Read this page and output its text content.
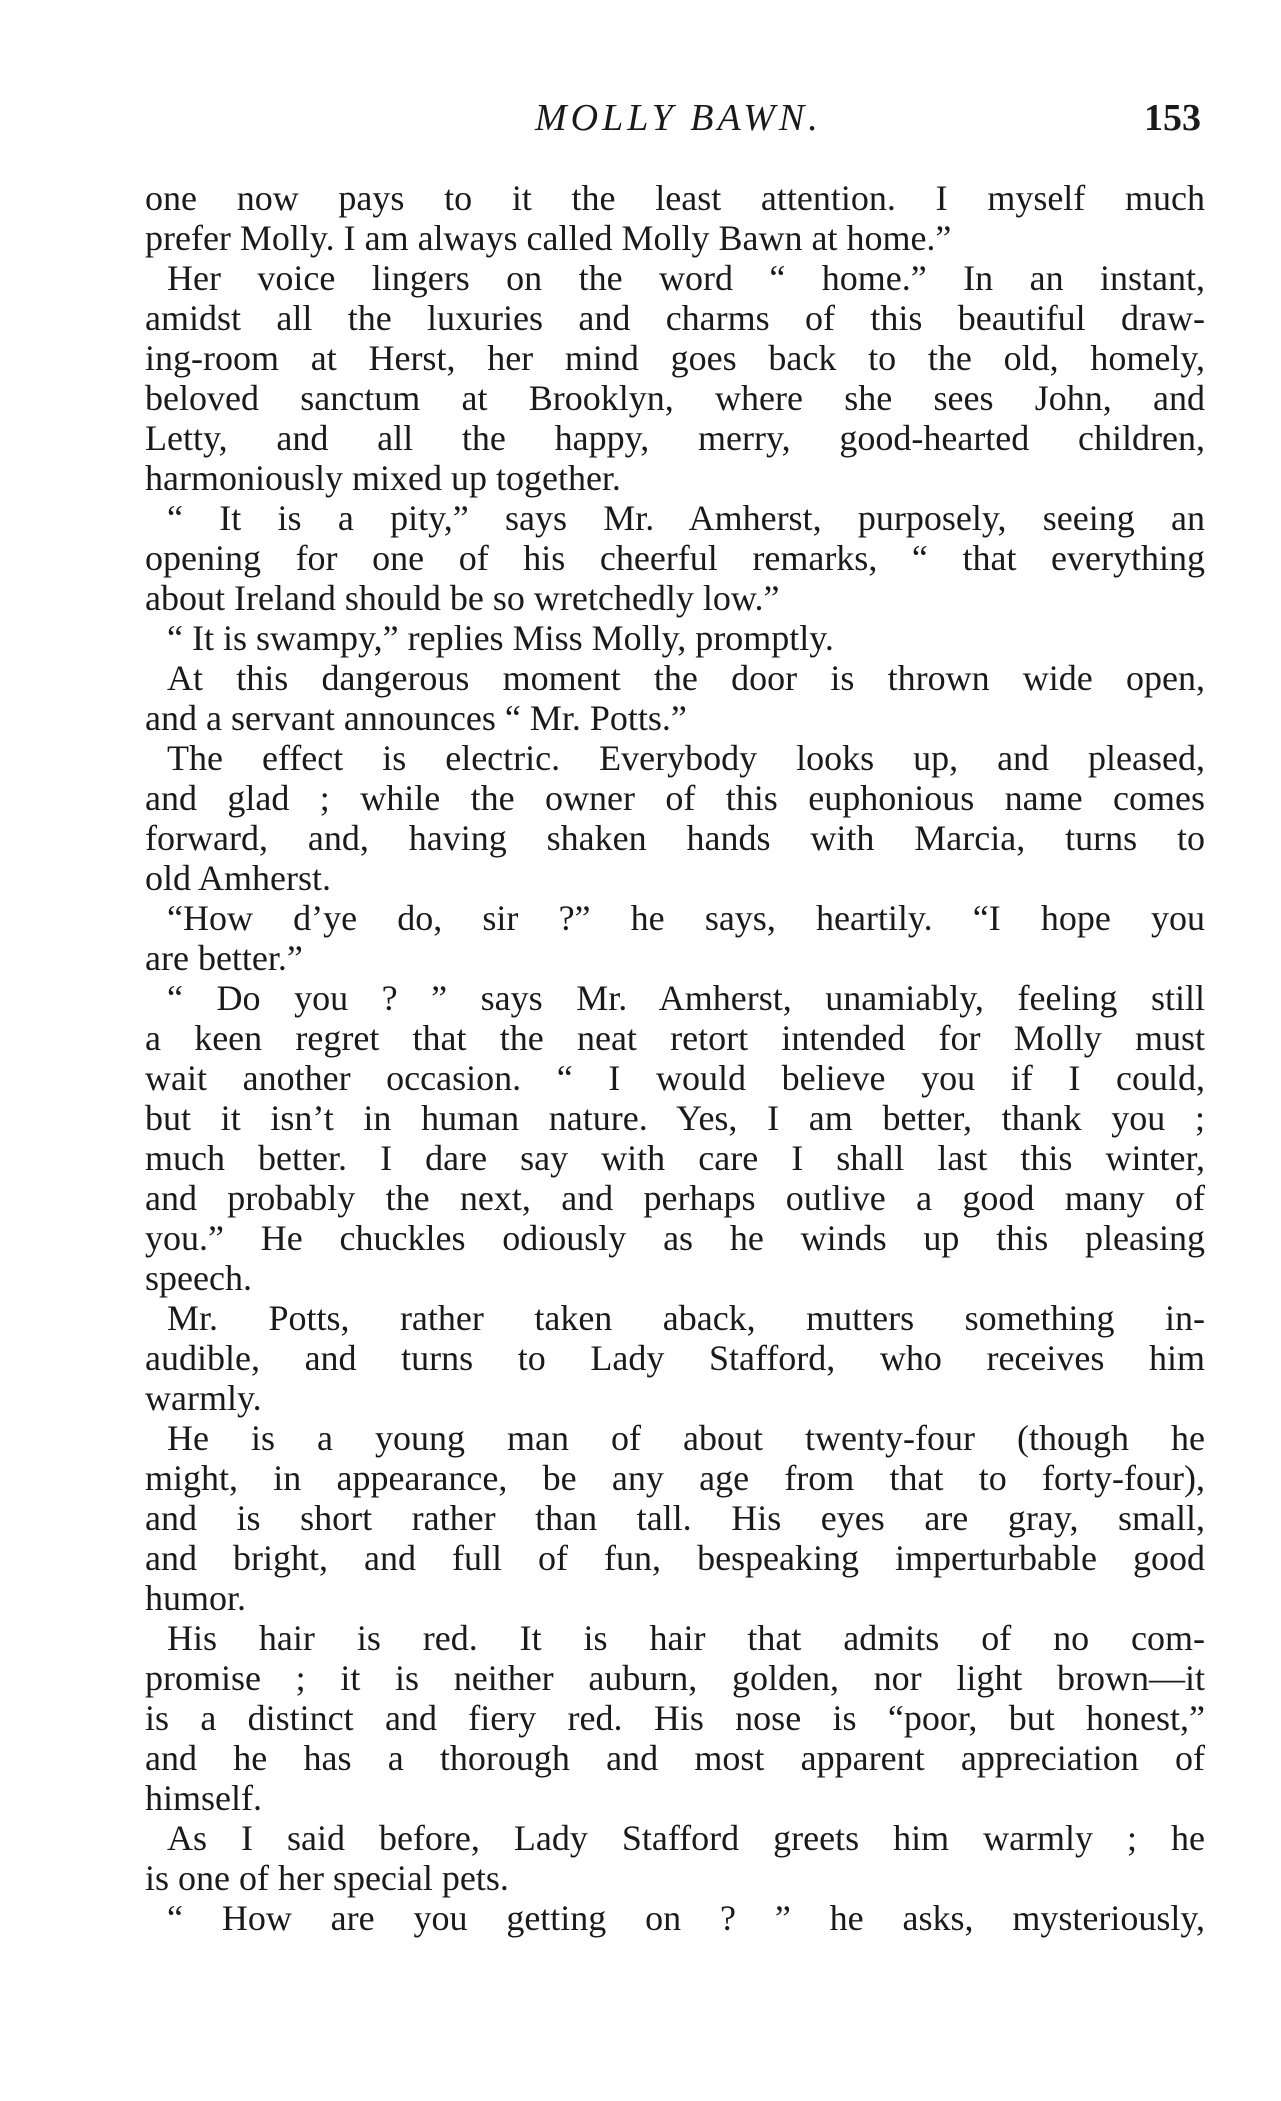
MOLLY BAWN.	153
one now pays to it the least attention. I myself much
prefer Molly. I am always called Molly Bawn at home.”
Her voice lingers on the word “ home.” In an instant,
amidst all the luxuries and charms of this beautiful draw-
ing-room at Herst, her mind goes back to the old, homely,
beloved sanctum at Brooklyn, where she sees John, and
Letty, and all the happy, merry, good-hearted children,
harmoniously mixed up together.
“ It is a pity,” says Mr. Amherst, purposely, seeing an
opening for one of his cheerful remarks, “ that everything
about Ireland should be so wretchedly low.”
“ It is swampy,” replies Miss Molly, promptly.
At this dangerous moment the door is thrown wide open,
and a servant announces “ Mr. Potts.”
The effect is electric. Everybody looks up, and pleased,
and glad ; while the owner of this euphonious name comes
forward, and, having shaken hands with Marcia, turns to
old Amherst.
“How d’ye do, sir ?” he says, heartily. “I hope you
are better.”
“ Do you ? ” says Mr. Amherst, unamiably, feeling still
a keen regret that the neat retort intended for Molly must
wait another occasion. “ I would believe you if I could,
but it isn’t in human nature. Yes, I am better, thank you ;
much better. I dare say with care I shall last this winter,
and probably the next, and perhaps outlive a good many of
you.” He chuckles odiously as he winds up this pleasing
speech.
Mr. Potts, rather taken aback, mutters something in-
audible, and turns to Lady Stafford, who receives him
warmly.
He is a young man of about twenty-four (though he
might, in appearance, be any age from that to forty-four),
and is short rather than tall. His eyes are gray, small,
and bright, and full of fun, bespeaking imperturbable good
humor.
His hair is red. It is hair that admits of no com-
promise ; it is neither auburn, golden, nor light brown—it
is a distinct and fiery red. His nose is “poor, but honest,”
and he has a thorough and most apparent appreciation of
himself.
As I said before, Lady Stafford greets him warmly ; he
is one of her special pets.
“ How are you getting on ? ” he asks, mysteriously,
